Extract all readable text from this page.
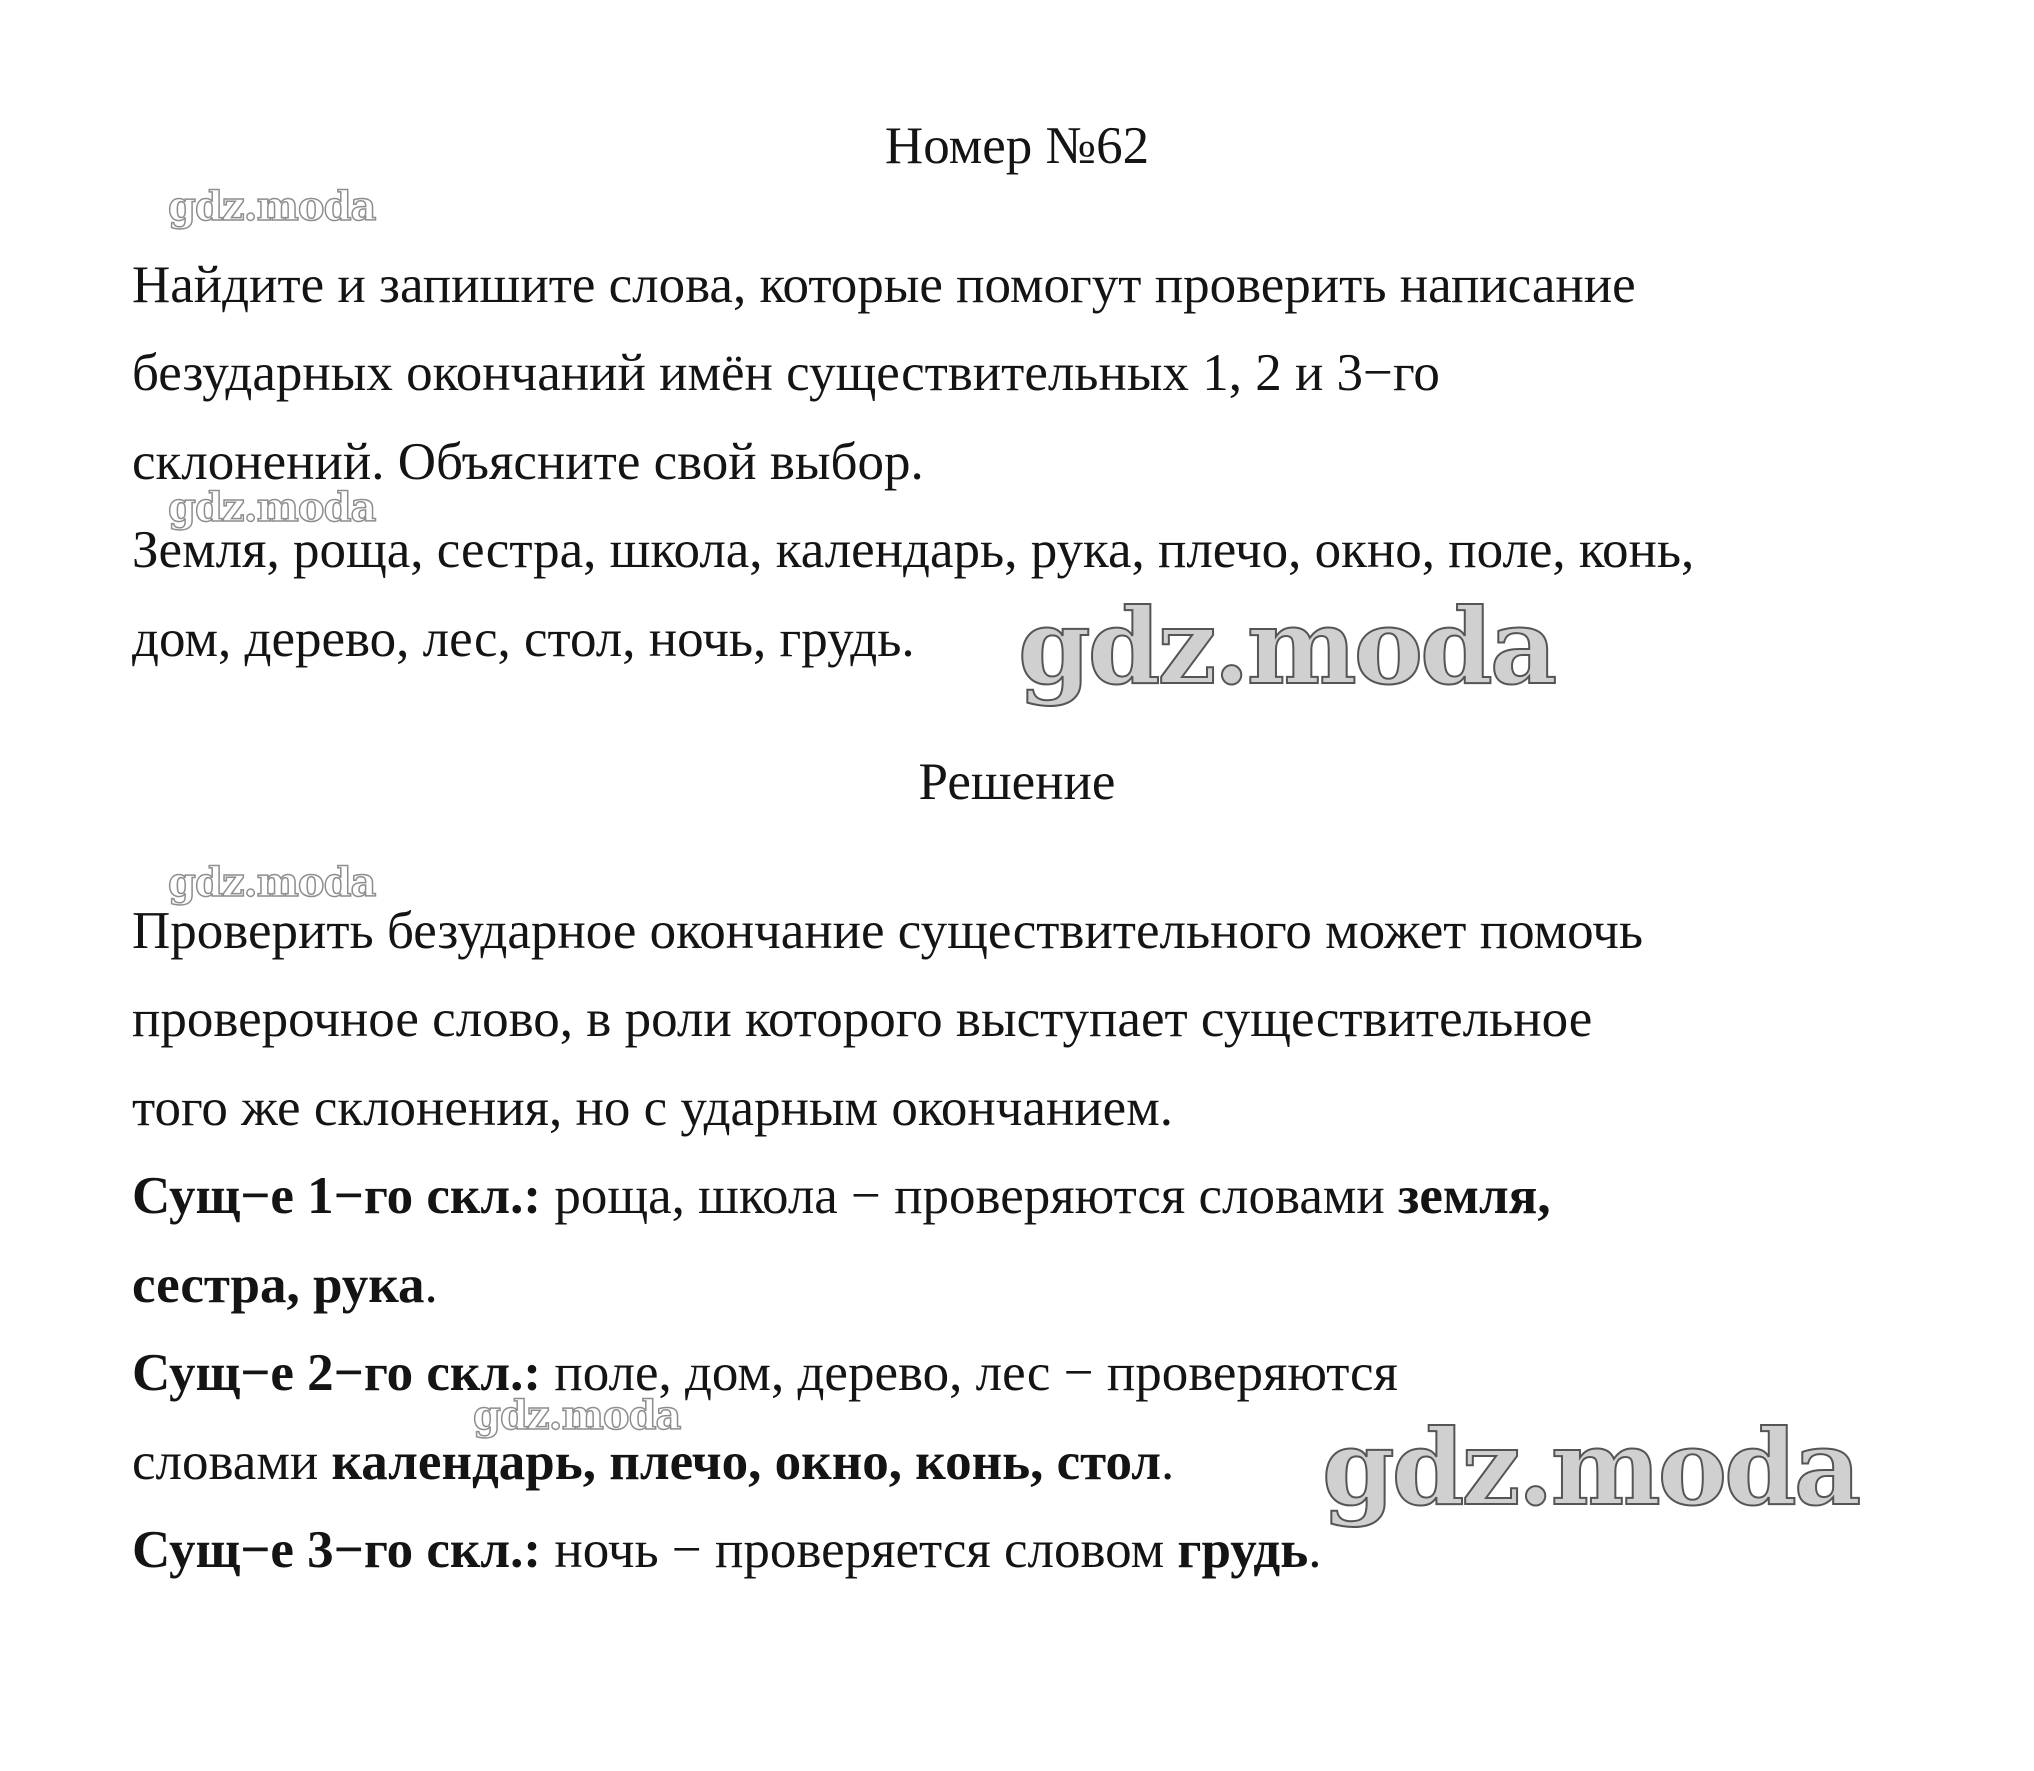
Номер №62
Найдите и запишите слова, которые помогут проверить написание
безударных окончаний имён существительных 1, 2 и 3−го
склонений. Объясните свой выбор.
Земля, роща, сестра, школа, календарь, рука, плечо, окно, поле, конь,
дом, дерево, лес, стол, ночь, грудь.
Решение
Проверить безударное окончание существительного может помочь
проверочное слово, в роли которого выступает существительное
того же склонения, но с ударным окончанием.
Сущ−е 1−го скл.: роща, школа − проверяются словами земля,
сестра, рука.
Сущ−е 2−го скл.: поле, дом, дерево, лес − проверяются
словами календарь, плечо, окно, конь, стол.
Сущ−е 3−го скл.: ночь − проверяется словом грудь.
gdz.moda
gdz.moda
gdz.moda
gdz.moda
gdz.moda
gdz.moda
